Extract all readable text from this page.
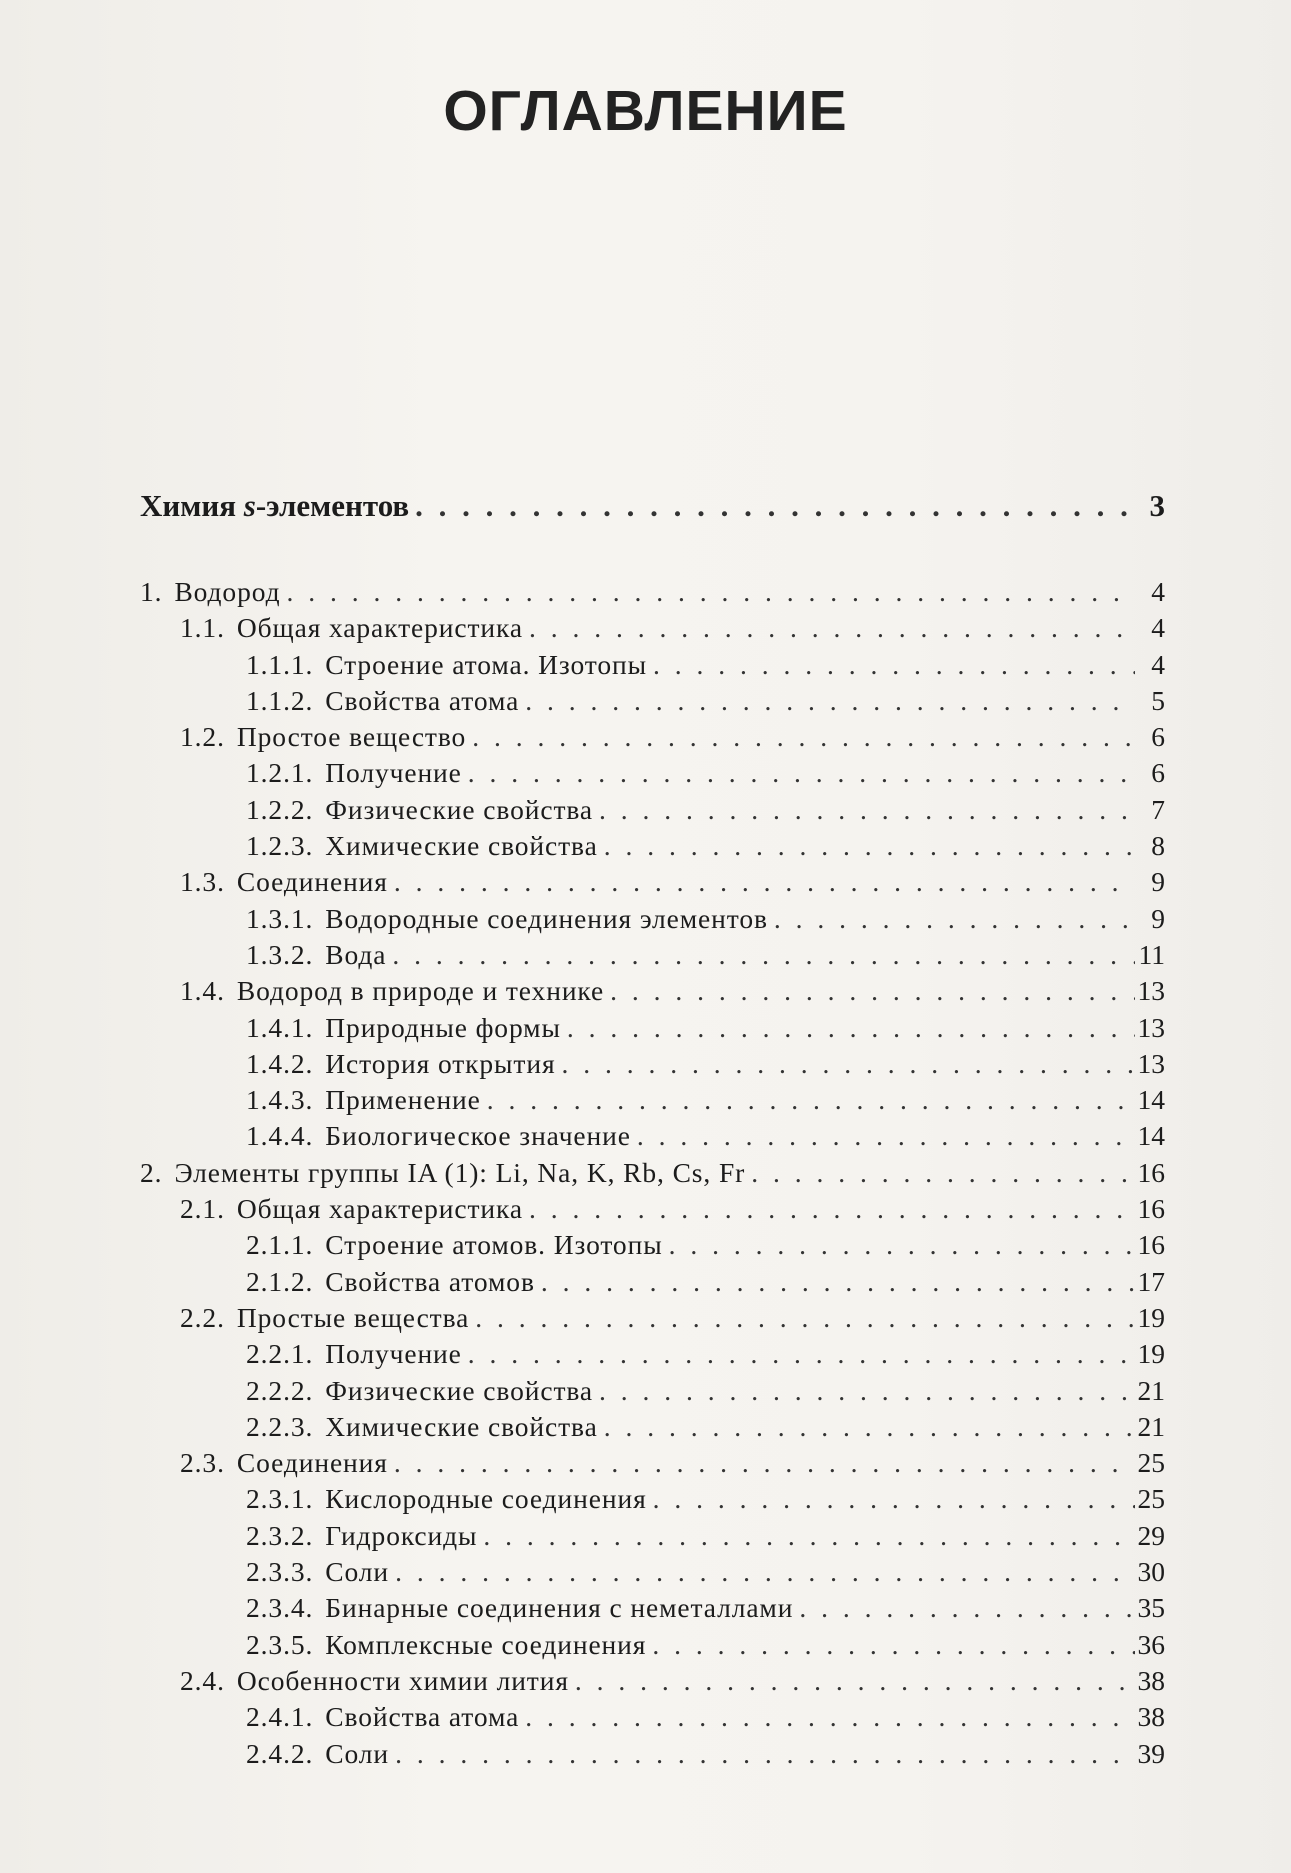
ОГЛАВЛЕНИЕ
Химия s-элементов . . .	3
1. Водород . . .	4
1.1. Общая характеристика . . .	4
1.1.1. Строение атома. Изотопы . . .	4
1.1.2. Свойства атома . . .	5
1.2. Простое вещество . . .	6
1.2.1. Получение . . .	6
1.2.2. Физические свойства . . .	7
1.2.3. Химические свойства . . .	8
1.3. Соединения . . .	9
1.3.1. Водородные соединения элементов . . .	9
1.3.2. Вода . . .	11
1.4. Водород в природе и технике . . .	13
1.4.1. Природные формы . . .	13
1.4.2. История открытия . . .	13
1.4.3. Применение . . .	14
1.4.4. Биологическое значение . . .	14
2. Элементы группы IA (1): Li, Na, K, Rb, Cs, Fr . . .	16
2.1. Общая характеристика . . .	16
2.1.1. Строение атомов. Изотопы . . .	16
2.1.2. Свойства атомов . . .	17
2.2. Простые вещества . . .	19
2.2.1. Получение . . .	19
2.2.2. Физические свойства . . .	21
2.2.3. Химические свойства . . .	21
2.3. Соединения . . .	25
2.3.1. Кислородные соединения . . .	25
2.3.2. Гидроксиды . . .	29
2.3.3. Соли . . .	30
2.3.4. Бинарные соединения с неметаллами . . .	35
2.3.5. Комплексные соединения . . .	36
2.4. Особенности химии лития . . .	38
2.4.1. Свойства атома . . .	38
2.4.2. Соли . . .	39
